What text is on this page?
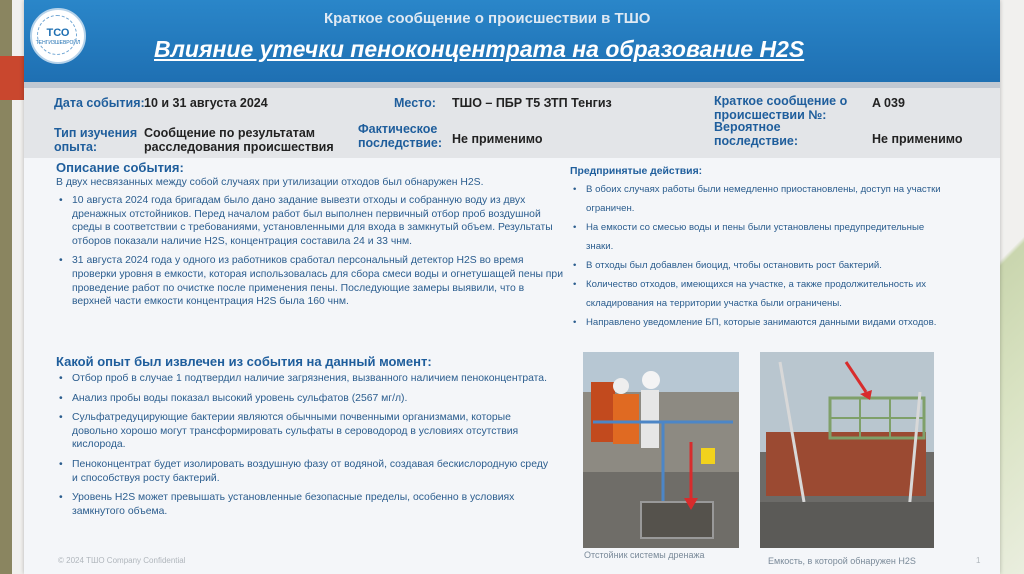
ТСО
ТЕНГИЗШЕВРОЙЛ
Краткое сообщение о происшествии в ТШО
Влияние утечки пеноконцентрата на образование H2S
Дата события: 10 и 31 августа 2024	Место: ТШО – ПБР Т5 ЗТП Тенгиз	Краткое сообщение о происшествии №:
A 039
Тип изучения опыта:
Сообщение по результатам расследования происшествия
Фактическое последствие: Не применимо
Вероятное последствие:	Не применимо
Описание события:
В двух несвязанных между собой случаях при утилизации отходов был обнаружен H2S.
• 10 августа 2024 года бригадам было дано задание вывезти отходы и собранную воду из двух дренажных отстойников. Перед началом работ был выполнен первичный отбор проб воздушной среды в соответствии с требованиями, установленными для входа в замкнутый объем. Результаты отборов показали наличие H2S, концентрация составила 24 и 33 чнм.
• 31 августа 2024 года у одного из работников сработал персональный детектор H2S во время проверки уровня в емкости, которая использовалась для сбора смеси воды и огнетушащей пены при проведение работ по очистке после применения пены. Последующие замеры выявили, что в верхней части емкости концентрация H2S была 160 чнм.
Какой опыт был извлечен из события на данный момент:
• Отбор проб в случае 1 подтвердил наличие загрязнения, вызванного наличием пеноконцентрата.
• Анализ пробы воды показал высокий уровень сульфатов (2567 мг/л).
• Сульфатредуцирующие бактерии являются обычными почвенными организмами, которые довольно хорошо могут трансформировать сульфаты в сероводород в условиях отсутствия кислорода.
• Пеноконцентрат будет изолировать воздушную фазу от водяной, создавая бескислородную среду и способствуя росту бактерий.
• Уровень H2S может превышать установленные безопасные пределы, особенно в условиях замкнутого объема.
Предпринятые действия:
• В обоих случаях работы были немедленно приостановлены, доступ на участки ограничен.
• На емкости со смесью воды и пены были установлены предупредительные знаки.
• В отходы был добавлен биоцид, чтобы остановить рост бактерий.
• Количество отходов, имеющихся на участке, а также продолжительность их складирования на территории участка были ограничены.
• Направлено уведомление БП, которые занимаются данными видами отходов.
Отстойник системы дренажа
Емкость, в которой обнаружен H2S
© 2024 ТШО Company Confidential	1
